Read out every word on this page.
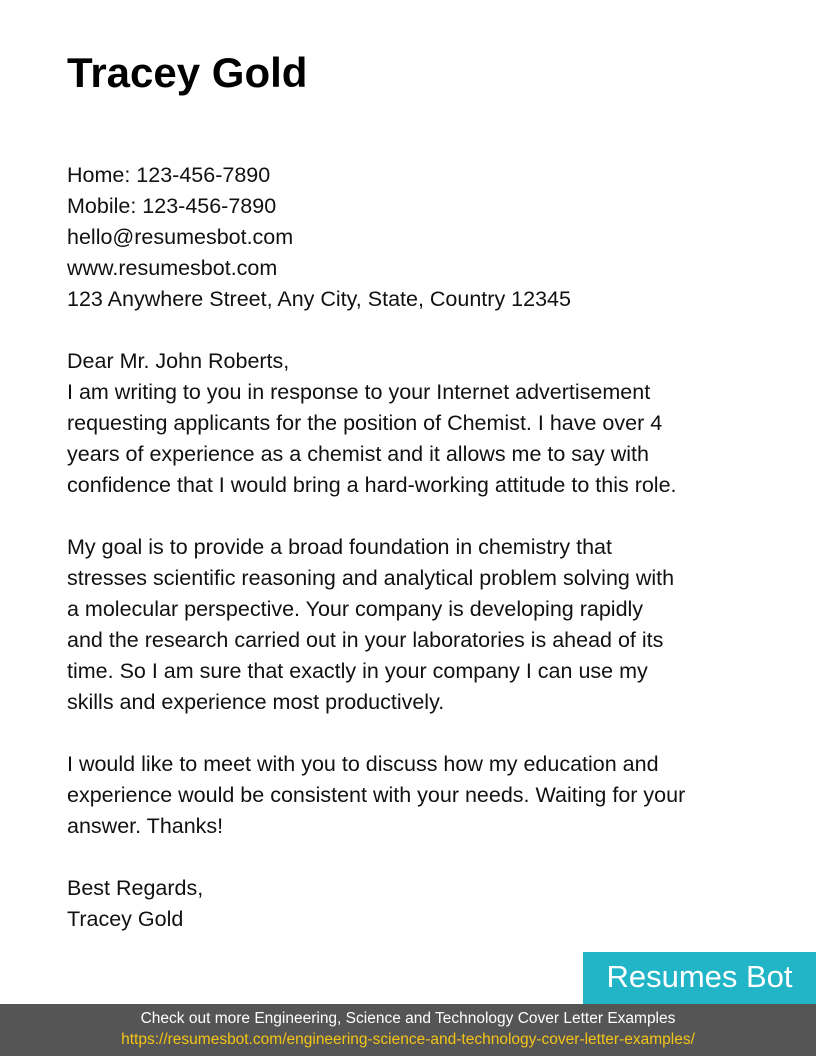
Tracey Gold
Home: 123-456-7890
Mobile: 123-456-7890
hello@resumesbot.com
www.resumesbot.com
123 Anywhere Street, Any City, State, Country 12345
Dear Mr. John Roberts,
I am writing to you in response to your Internet advertisement
requesting applicants for the position of Chemist. I have over 4
years of experience as a chemist and it allows me to say with
confidence that I would bring a hard-working attitude to this role.
My goal is to provide a broad foundation in chemistry that
stresses scientific reasoning and analytical problem solving with
a molecular perspective. Your company is developing rapidly
and the research carried out in your laboratories is ahead of its
time. So I am sure that exactly in your company I can use my
skills and experience most productively.
I would like to meet with you to discuss how my education and
experience would be consistent with your needs. Waiting for your
answer. Thanks!
Best Regards,
Tracey Gold
Resumes Bot
Check out more Engineering, Science and Technology Cover Letter Examples
https://resumesbot.com/engineering-science-and-technology-cover-letter-examples/
